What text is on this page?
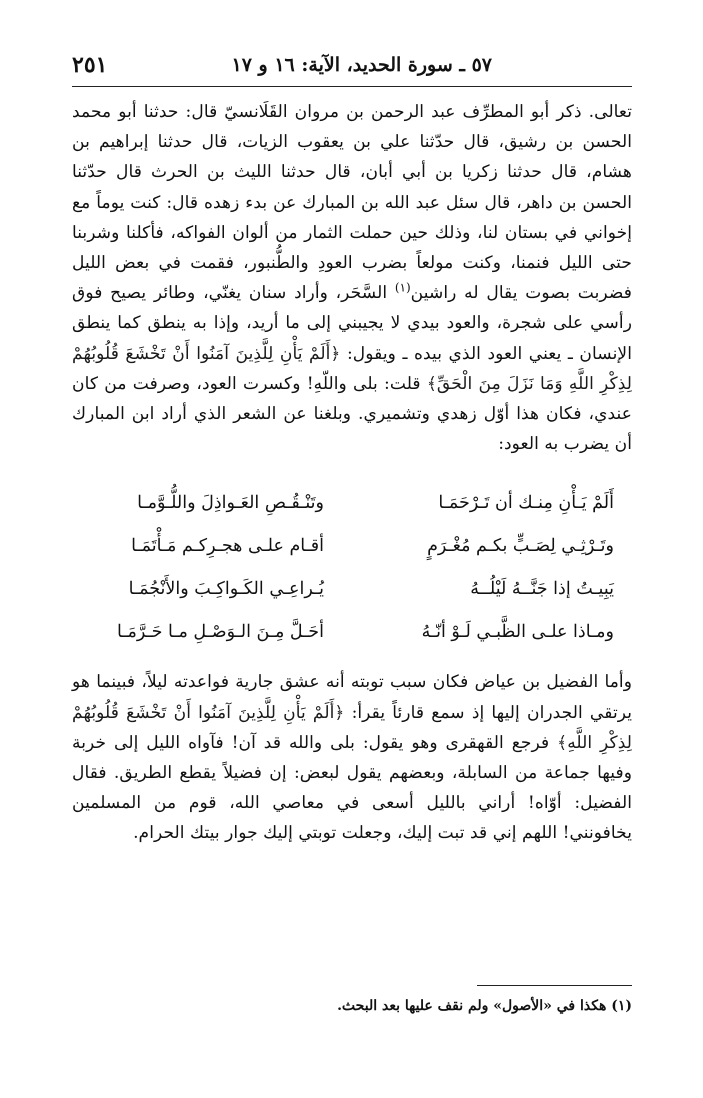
٥٧ ـ سورة الحديد، الآية: ١٦ و ١٧
٢٥١

تعالى. ذكر أبو المطرِّف عبد الرحمن بن مروان القَلَانسيّ قال: حدثنا أبو محمد الحسن بن رشيق، قال حدّثنا علي بن يعقوب الزيات، قال حدثنا إبراهيم بن هشام، قال حدثنا زكريا بن أبي أبان، قال حدثنا الليث بن الحرث قال حدّثنا الحسن بن داهر، قال سئل عبد الله بن المبارك عن بدء زهده قال: كنت يوماً مع إخواني في بستان لنا، وذلك حين حملت الثمار من ألوان الفواكه، فأكلنا وشربنا حتى الليل فنمنا، وكنت مولعاً بضرب العودِ والطُّنبور، فقمت في بعض الليل فضربت بصوت يقال له راشين$^{(١)}$ السَّحَر، وأراد سنان يغنّي، وطائر يصيح فوق رأسي على شجرة، والعود بيدي لا يجيبني إلى ما أريد، وإذا به ينطق كما ينطق الإنسان ـ يعني العود الذي بيده ـ ويقول: ﴿أَلَمْ يَأْنِ لِلَّذِينَ آمَنُوا أَنْ تَخْشَعَ قُلُوبُهُمْ لِذِكْرِ اللَّهِ وَمَا نَزَلَ مِنَ الْحَقِّ﴾ قلت: بلى واللّهِ! وكسرت العود، وصرفت من كان عندي، فكان هذا أوّل زهدي وتشميري. وبلغنا عن الشعر الذي أراد ابن المبارك أن يضرب به العود:

أَلَمْ يَـأْنِ مِنـك أن تَـرْحَمَـا
وتَنْـقُـصِ العَـواذِلَ واللُّـوَّمـا
وتَـرْثِـي لِصَـبٍّ بكـم مُغْـرَمٍ
أقـام علـى هجـرِكـم مَـأْتَمَـا
يَبِيـتُ إذا جَنَّــهُ لَيْلُــهُ
يُـراعِـي الكَـواكِـبَ والأَنْجُمَـا
ومـاذا علـى الظَّبـي لَـوْ أنّـهُ
أحَـلَّ مِـنَ الـوَصْـلِ مـا حَـرَّمَـا

وأما الفضيل بن عياض فكان سبب توبته أنه عشق جارية فواعدته ليلاً، فبينما هو يرتقي الجدران إليها إذ سمع قارئاً يقرأ: ﴿أَلَمْ يَأْنِ لِلَّذِينَ آمَنُوا أَنْ تَخْشَعَ قُلُوبُهُمْ لِذِكْرِ اللَّهِ﴾ فرجع القهقرى وهو يقول: بلى والله قد آن! فآواه الليل إلى خربة وفيها جماعة من السابلة، وبعضهم يقول لبعض: إن فضيلاً يقطع الطريق. فقال الفضيل: أوّاه! أراني بالليل أسعى في معاصي الله، قوم من المسلمين يخافونني! اللهم إني قد تبت إليك، وجعلت توبتي إليك جوار بيتك الحرام.

(١) هكذا في «الأصول» ولم نقف عليها بعد البحث.
